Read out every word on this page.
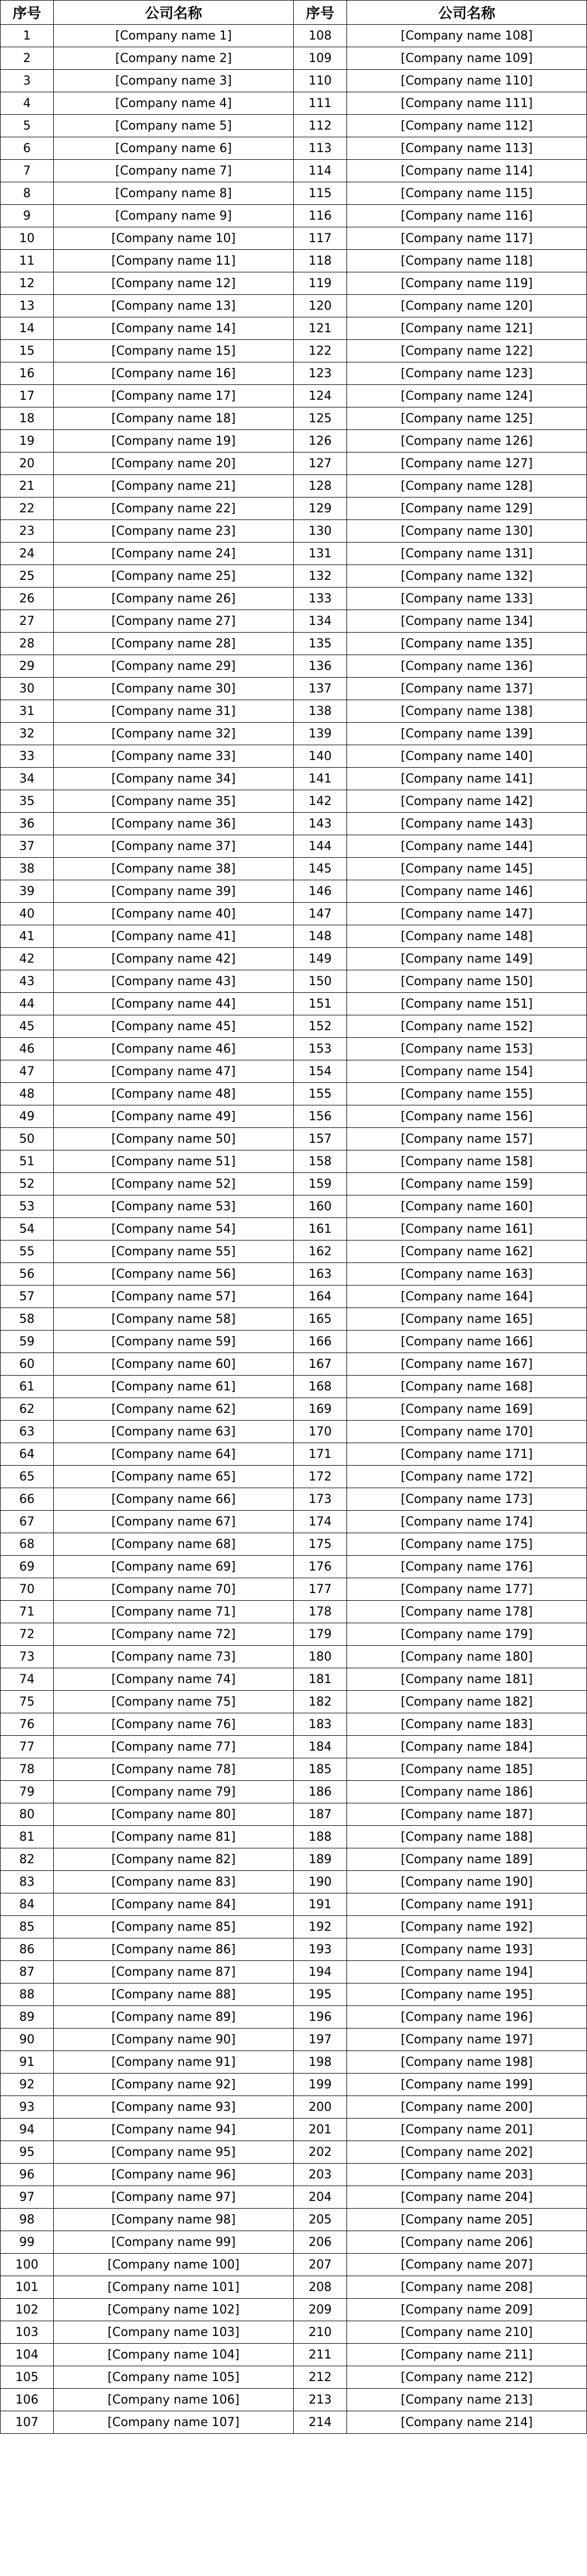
序号	公司名称	序号	公司名称
1	[Company name 1]	108	[Company name 108]
2	[Company name 2]	109	[Company name 109]
3	[Company name 3]	110	[Company name 110]
4	[Company name 4]	111	[Company name 111]
5	[Company name 5]	112	[Company name 112]
6	[Company name 6]	113	[Company name 113]
7	[Company name 7]	114	[Company name 114]
8	[Company name 8]	115	[Company name 115]
9	[Company name 9]	116	[Company name 116]
10	[Company name 10]	117	[Company name 117]
11	[Company name 11]	118	[Company name 118]
12	[Company name 12]	119	[Company name 119]
13	[Company name 13]	120	[Company name 120]
14	[Company name 14]	121	[Company name 121]
15	[Company name 15]	122	[Company name 122]
16	[Company name 16]	123	[Company name 123]
17	[Company name 17]	124	[Company name 124]
18	[Company name 18]	125	[Company name 125]
19	[Company name 19]	126	[Company name 126]
20	[Company name 20]	127	[Company name 127]
21	[Company name 21]	128	[Company name 128]
22	[Company name 22]	129	[Company name 129]
23	[Company name 23]	130	[Company name 130]
24	[Company name 24]	131	[Company name 131]
25	[Company name 25]	132	[Company name 132]
26	[Company name 26]	133	[Company name 133]
27	[Company name 27]	134	[Company name 134]
28	[Company name 28]	135	[Company name 135]
29	[Company name 29]	136	[Company name 136]
30	[Company name 30]	137	[Company name 137]
31	[Company name 31]	138	[Company name 138]
32	[Company name 32]	139	[Company name 139]
33	[Company name 33]	140	[Company name 140]
34	[Company name 34]	141	[Company name 141]
35	[Company name 35]	142	[Company name 142]
36	[Company name 36]	143	[Company name 143]
37	[Company name 37]	144	[Company name 144]
38	[Company name 38]	145	[Company name 145]
39	[Company name 39]	146	[Company name 146]
40	[Company name 40]	147	[Company name 147]
41	[Company name 41]	148	[Company name 148]
42	[Company name 42]	149	[Company name 149]
43	[Company name 43]	150	[Company name 150]
44	[Company name 44]	151	[Company name 151]
45	[Company name 45]	152	[Company name 152]
46	[Company name 46]	153	[Company name 153]
47	[Company name 47]	154	[Company name 154]
48	[Company name 48]	155	[Company name 155]
49	[Company name 49]	156	[Company name 156]
50	[Company name 50]	157	[Company name 157]
51	[Company name 51]	158	[Company name 158]
52	[Company name 52]	159	[Company name 159]
53	[Company name 53]	160	[Company name 160]
54	[Company name 54]	161	[Company name 161]
55	[Company name 55]	162	[Company name 162]
56	[Company name 56]	163	[Company name 163]
57	[Company name 57]	164	[Company name 164]
58	[Company name 58]	165	[Company name 165]
59	[Company name 59]	166	[Company name 166]
60	[Company name 60]	167	[Company name 167]
61	[Company name 61]	168	[Company name 168]
62	[Company name 62]	169	[Company name 169]
63	[Company name 63]	170	[Company name 170]
64	[Company name 64]	171	[Company name 171]
65	[Company name 65]	172	[Company name 172]
66	[Company name 66]	173	[Company name 173]
67	[Company name 67]	174	[Company name 174]
68	[Company name 68]	175	[Company name 175]
69	[Company name 69]	176	[Company name 176]
70	[Company name 70]	177	[Company name 177]
71	[Company name 71]	178	[Company name 178]
72	[Company name 72]	179	[Company name 179]
73	[Company name 73]	180	[Company name 180]
74	[Company name 74]	181	[Company name 181]
75	[Company name 75]	182	[Company name 182]
76	[Company name 76]	183	[Company name 183]
77	[Company name 77]	184	[Company name 184]
78	[Company name 78]	185	[Company name 185]
79	[Company name 79]	186	[Company name 186]
80	[Company name 80]	187	[Company name 187]
81	[Company name 81]	188	[Company name 188]
82	[Company name 82]	189	[Company name 189]
83	[Company name 83]	190	[Company name 190]
84	[Company name 84]	191	[Company name 191]
85	[Company name 85]	192	[Company name 192]
86	[Company name 86]	193	[Company name 193]
87	[Company name 87]	194	[Company name 194]
88	[Company name 88]	195	[Company name 195]
89	[Company name 89]	196	[Company name 196]
90	[Company name 90]	197	[Company name 197]
91	[Company name 91]	198	[Company name 198]
92	[Company name 92]	199	[Company name 199]
93	[Company name 93]	200	[Company name 200]
94	[Company name 94]	201	[Company name 201]
95	[Company name 95]	202	[Company name 202]
96	[Company name 96]	203	[Company name 203]
97	[Company name 97]	204	[Company name 204]
98	[Company name 98]	205	[Company name 205]
99	[Company name 99]	206	[Company name 206]
100	[Company name 100]	207	[Company name 207]
101	[Company name 101]	208	[Company name 208]
102	[Company name 102]	209	[Company name 209]
103	[Company name 103]	210	[Company name 210]
104	[Company name 104]	211	[Company name 211]
105	[Company name 105]	212	[Company name 212]
106	[Company name 106]	213	[Company name 213]
107	[Company name 107]	214	[Company name 214]
